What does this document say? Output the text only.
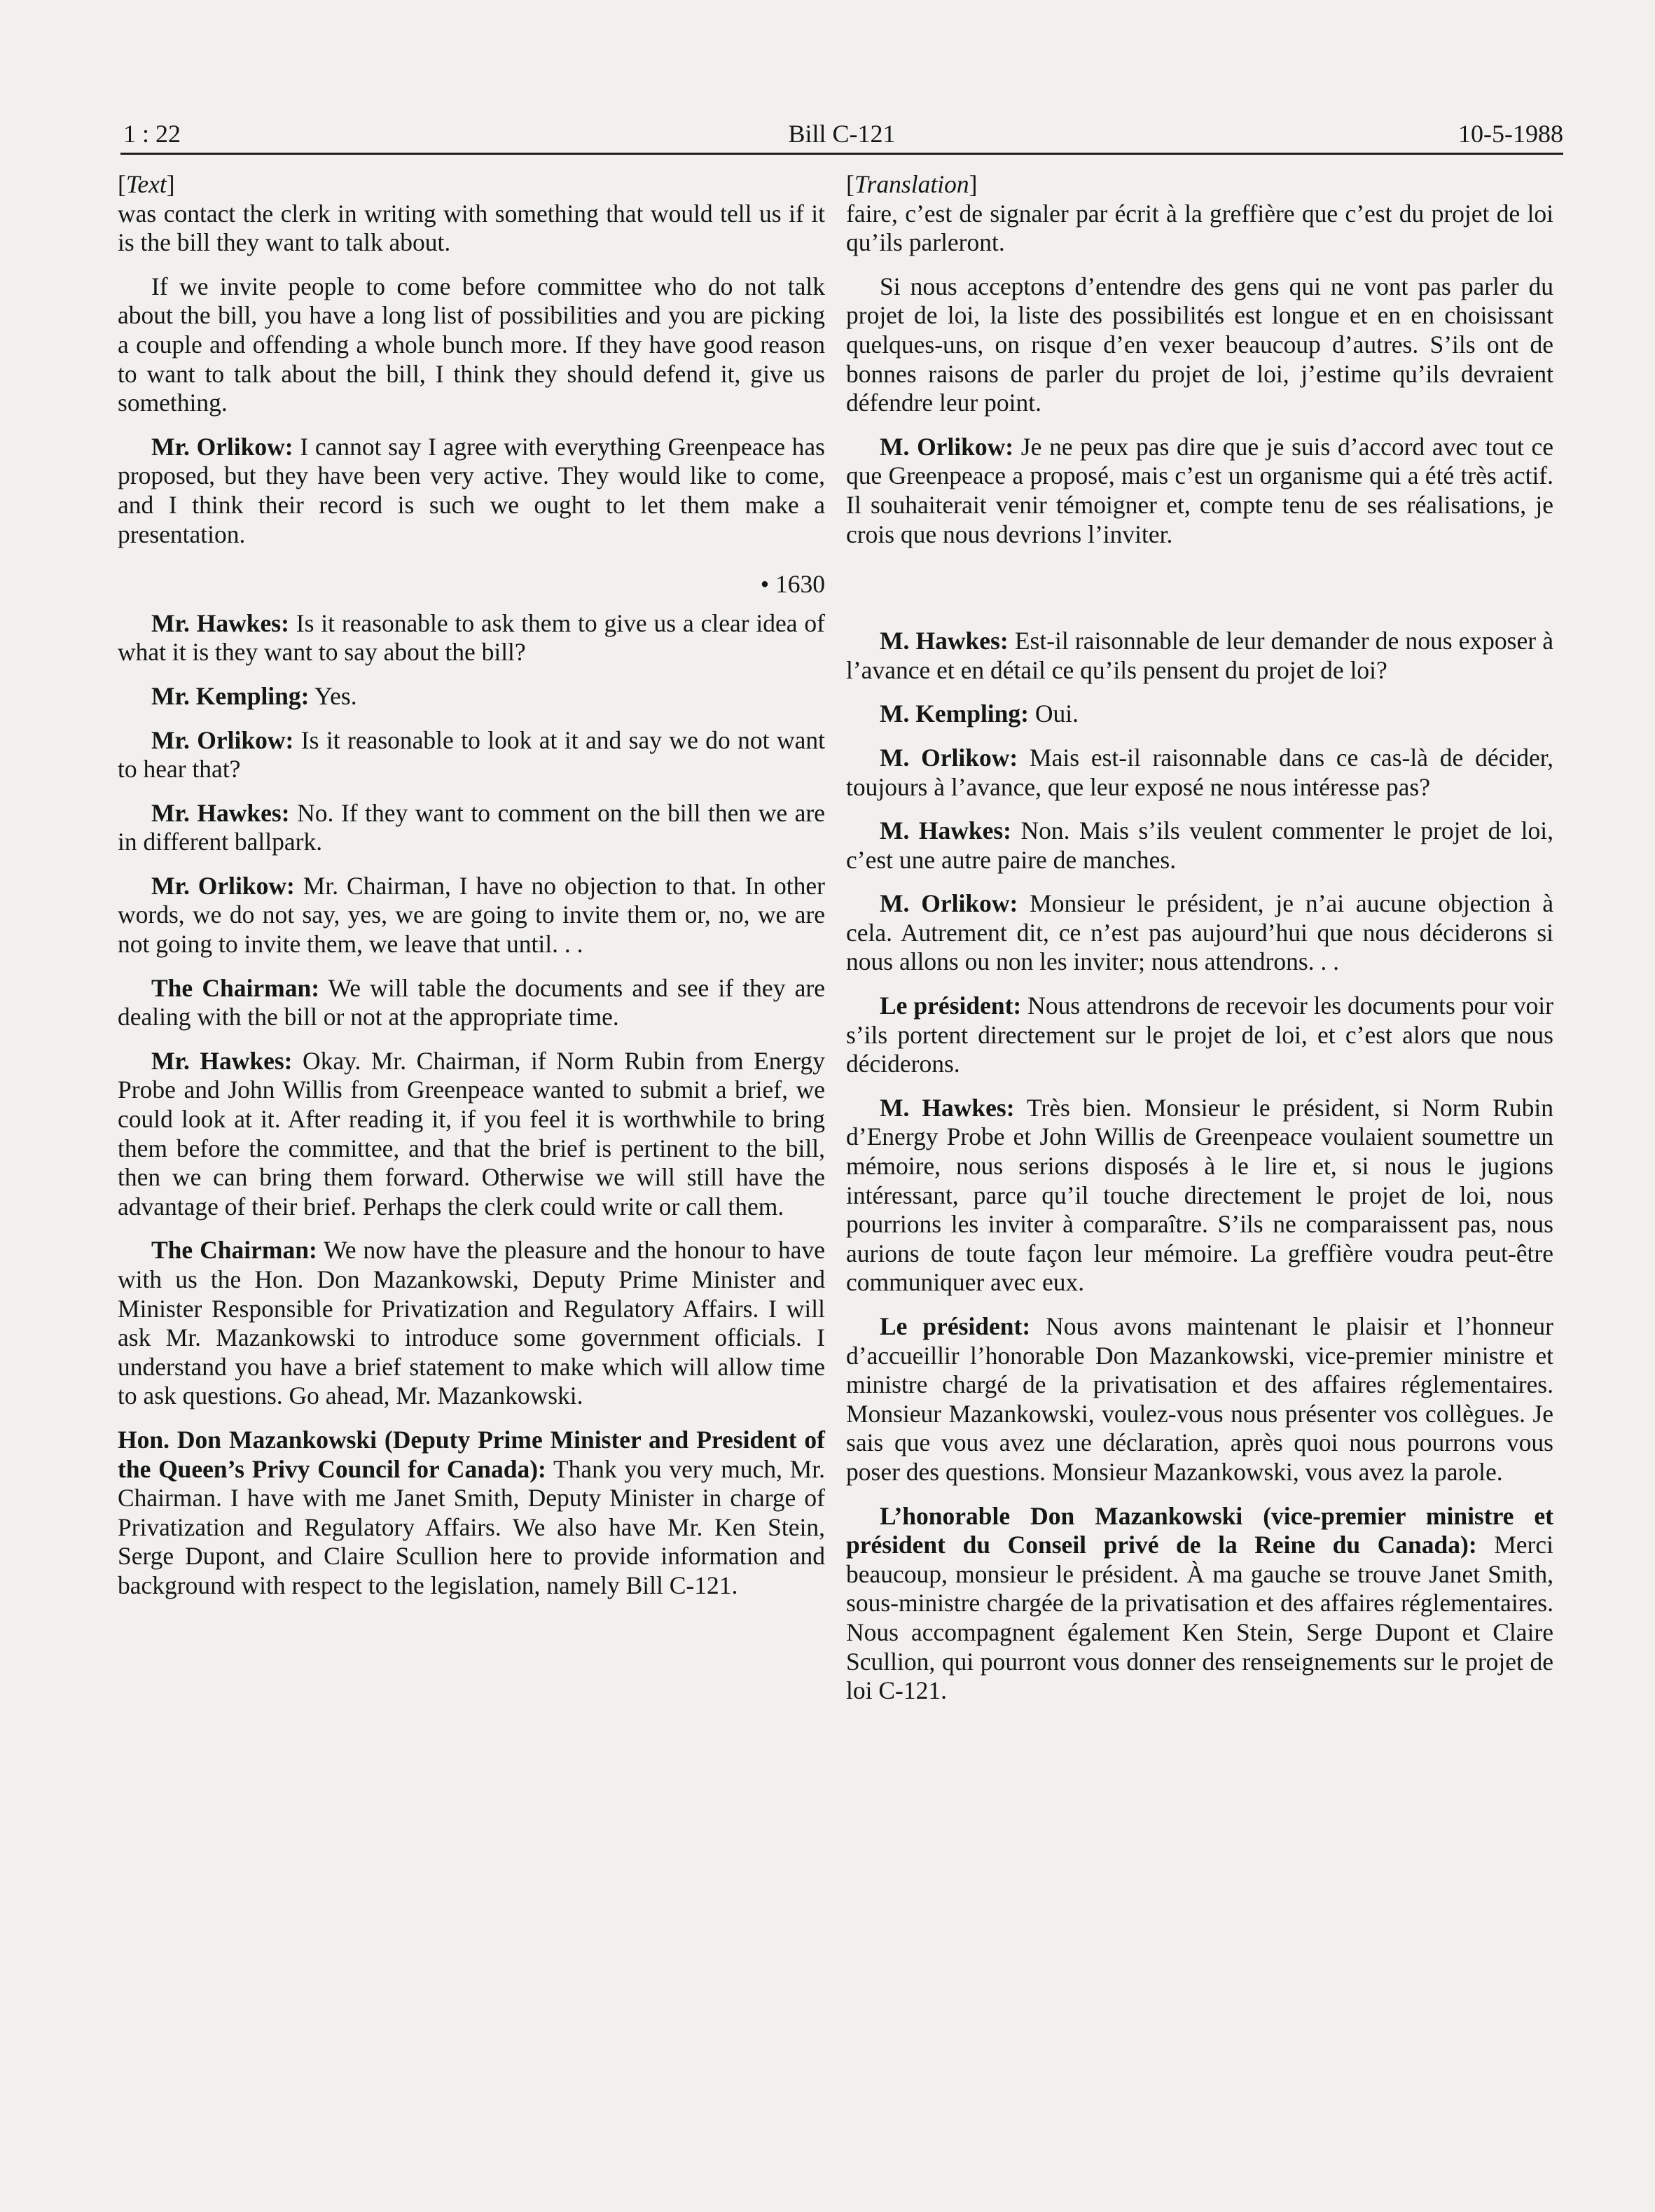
1 : 22	Bill C-121	10-5-1988
[ Text ]

was contact the clerk in writing with something that would tell us if it is the bill they want to talk about.

If we invite people to come before committee who do not talk about the bill, you have a long list of possibilities and you are picking a couple and offending a whole bunch more. If they have good reason to want to talk about the bill, I think they should defend it, give us something.

Mr. Orlikow: I cannot say I agree with everything Greenpeace has proposed, but they have been very active. They would like to come, and I think their record is such we ought to let them make a presentation.

• 1630

Mr. Hawkes: Is it reasonable to ask them to give us a clear idea of what it is they want to say about the bill?

Mr. Kempling: Yes.

Mr. Orlikow: Is it reasonable to look at it and say we do not want to hear that?

Mr. Hawkes: No. If they want to comment on the bill then we are in different ballpark.

Mr. Orlikow: Mr. Chairman, I have no objection to that. In other words, we do not say, yes, we are going to invite them or, no, we are not going to invite them, we leave that until. . .

The Chairman: We will table the documents and see if they are dealing with the bill or not at the appropriate time.

Mr. Hawkes: Okay. Mr. Chairman, if Norm Rubin from Energy Probe and John Willis from Greenpeace wanted to submit a brief, we could look at it. After reading it, if you feel it is worthwhile to bring them before the committee, and that the brief is pertinent to the bill, then we can bring them forward. Otherwise we will still have the advantage of their brief. Perhaps the clerk could write or call them.

The Chairman: We now have the pleasure and the honour to have with us the Hon. Don Mazankowski, Deputy Prime Minister and Minister Responsible for Privatization and Regulatory Affairs. I will ask Mr. Mazankowski to introduce some government officials. I understand you have a brief statement to make which will allow time to ask questions. Go ahead, Mr. Mazankowski.

Hon. Don Mazankowski (Deputy Prime Minister and President of the Queen’s Privy Council for Canada): Thank you very much, Mr. Chairman. I have with me Janet Smith, Deputy Minister in charge of Privatization and Regulatory Affairs. We also have Mr. Ken Stein, Serge Dupont, and Claire Scullion here to provide information and background with respect to the legislation, namely Bill C-121.

[ Translation ]

faire, c’est de signaler par écrit à la greffière que c’est du projet de loi qu’ils parleront.

Si nous acceptons d’entendre des gens qui ne vont pas parler du projet de loi, la liste des possibilités est longue et en en choisissant quelques-uns, on risque d’en vexer beaucoup d’autres. S’ils ont de bonnes raisons de parler du projet de loi, j’estime qu’ils devraient défendre leur point.

M. Orlikow: Je ne peux pas dire que je suis d’accord avec tout ce que Greenpeace a proposé, mais c’est un organisme qui a été très actif. Il souhaiterait venir témoigner et, compte tenu de ses réalisations, je crois que nous devrions l’inviter.

M. Hawkes: Est-il raisonnable de leur demander de nous exposer à l’avance et en détail ce qu’ils pensent du projet de loi?

M. Kempling: Oui.

M. Orlikow: Mais est-il raisonnable dans ce cas-là de décider, toujours à l’avance, que leur exposé ne nous intéresse pas?

M. Hawkes: Non. Mais s’ils veulent commenter le projet de loi, c’est une autre paire de manches.

M. Orlikow: Monsieur le président, je n’ai aucune objection à cela. Autrement dit, ce n’est pas aujourd’hui que nous déciderons si nous allons ou non les inviter; nous attendrons. . .

Le président: Nous attendrons de recevoir les documents pour voir s’ils portent directement sur le projet de loi, et c’est alors que nous déciderons.

M. Hawkes: Très bien. Monsieur le président, si Norm Rubin d’Energy Probe et John Willis de Greenpeace voulaient soumettre un mémoire, nous serions disposés à le lire et, si nous le jugions intéressant, parce qu’il touche directement le projet de loi, nous pourrions les inviter à comparaître. S’ils ne comparaissent pas, nous aurions de toute façon leur mémoire. La greffière voudra peut-être communiquer avec eux.

Le président: Nous avons maintenant le plaisir et l’honneur d’accueillir l’honorable Don Mazankowski, vice-premier ministre et ministre chargé de la privatisation et des affaires réglementaires. Monsieur Mazankowski, voulez-vous nous présenter vos collègues. Je sais que vous avez une déclaration, après quoi nous pourrons vous poser des questions. Monsieur Mazankowski, vous avez la parole.

L’honorable Don Mazankowski (vice-premier ministre et président du Conseil privé de la Reine du Canada): Merci beaucoup, monsieur le président. À ma gauche se trouve Janet Smith, sous-ministre chargée de la privatisation et des affaires réglementaires. Nous accompagnent également Ken Stein, Serge Dupont et Claire Scullion, qui pourront vous donner des renseignements sur le projet de loi C-121.
